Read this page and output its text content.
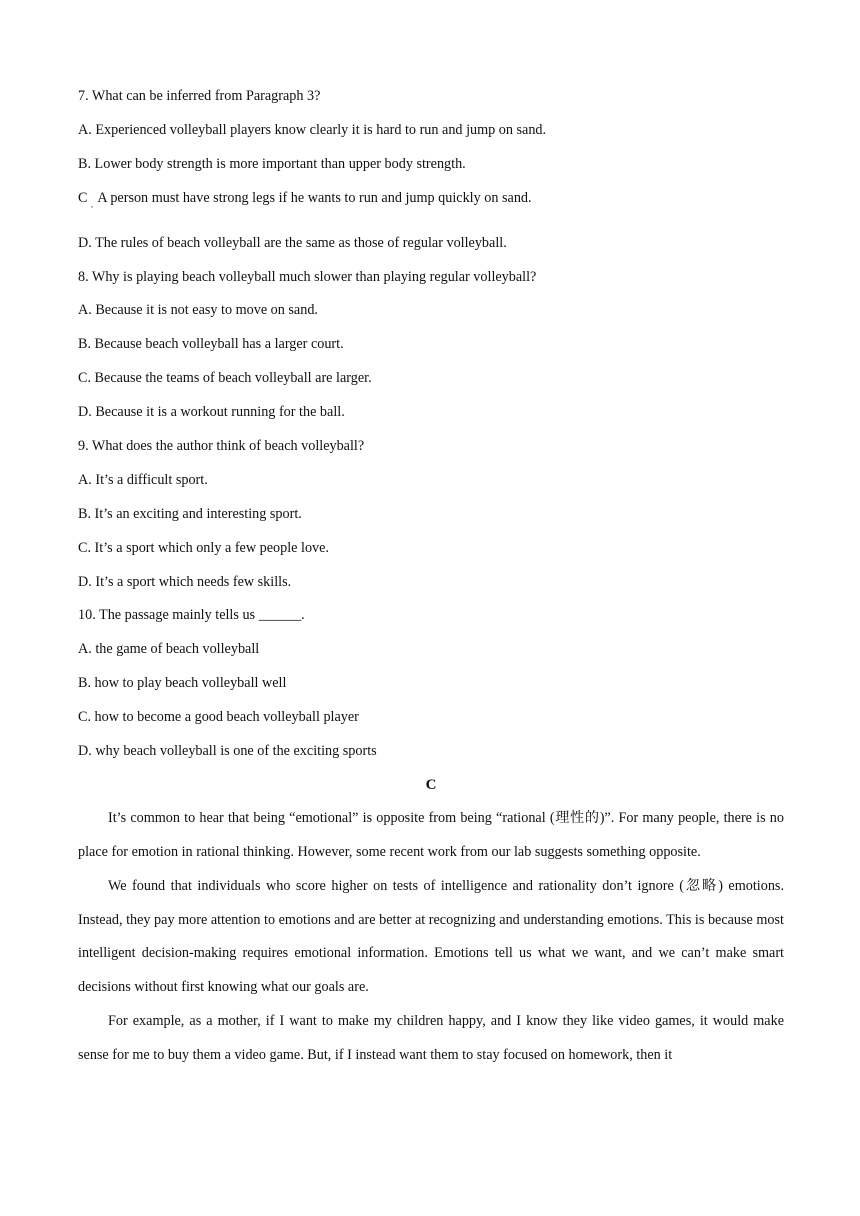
7. What can be inferred from Paragraph 3?
A. Experienced volleyball players know clearly it is hard to run and jump on sand.
B. Lower body strength is more important than upper body strength.
C  A person must have strong legs if he wants to run and jump quickly on sand.
˙
D. The rules of beach volleyball are the same as those of regular volleyball.
8. Why is playing beach volleyball much slower than playing regular volleyball?
A. Because it is not easy to move on sand.
B. Because beach volleyball has a larger court.
C. Because the teams of beach volleyball are larger.
D. Because it is a workout running for the ball.
9. What does the author think of beach volleyball?
A. It’s a difficult sport.
B. It’s an exciting and interesting sport.
C. It’s a sport which only a few people love.
D. It’s a sport which needs few skills.
10. The passage mainly tells us ______.
A. the game of beach volleyball
B. how to play beach volleyball well
C. how to become a good beach volleyball player
D. why beach volleyball is one of the exciting sports
C

It’s common to hear that being “emotional” is opposite from being “rational (理性的)”. For many people, there is no place for emotion in rational thinking. However, some recent work from our lab suggests something opposite.

We found that individuals who score higher on tests of intelligence and rationality don’t ignore (忽略) emotions. Instead, they pay more attention to emotions and are better at recognizing and understanding emotions. This is because most intelligent decision-making requires emotional information. Emotions tell us what we want, and we can’t make smart decisions without first knowing what our goals are.

For example, as a mother, if I want to make my children happy, and I know they like video games, it would make sense for me to buy them a video game. But, if I instead want them to stay focused on homework, then it
